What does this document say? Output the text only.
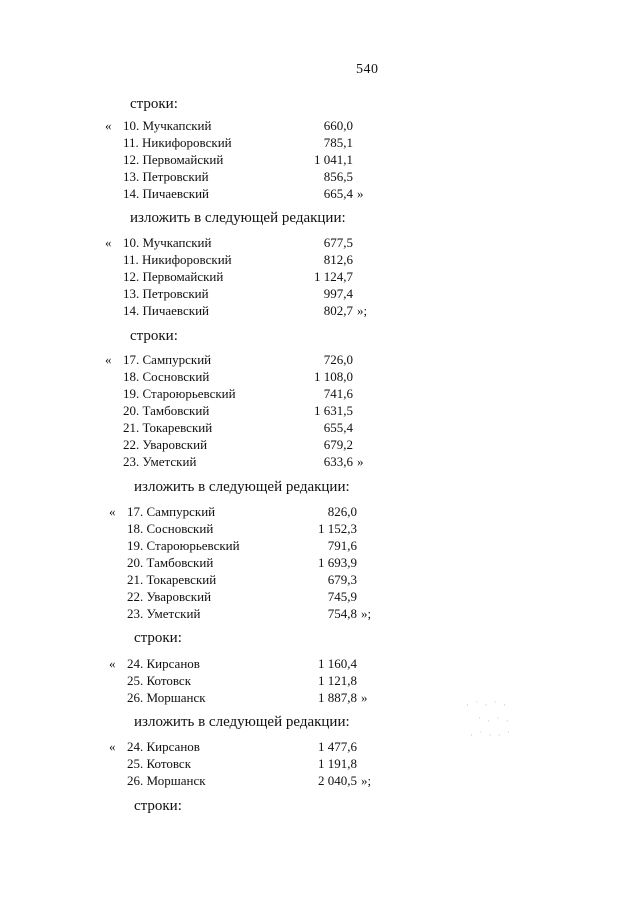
540
строки:
« 10. Мучкапский	660,0
11. Никифоровский	785,1
12. Первомайский	1 041,1
13. Петровский	856,5
14. Пичаевский	665,4 »
изложить в следующей редакции:
« 10. Мучкапский	677,5
11. Никифоровский	812,6
12. Первомайский	1 124,7
13. Петровский	997,4
14. Пичаевский	802,7 »;
строки:
« 17. Сампурский	726,0
18. Сосновский	1 108,0
19. Староюрьевский	741,6
20. Тамбовский	1 631,5
21. Токаревский	655,4
22. Уваровский	679,2
23. Уметский	633,6 »
изложить в следующей редакции:
« 17. Сампурский	826,0
18. Сосновский	1 152,3
19. Староюрьевский	791,6
20. Тамбовский	1 693,9
21. Токаревский	679,3
22. Уваровский	745,9
23. Уметский	754,8 »;
строки:
« 24. Кирсанов	1 160,4
25. Котовск	1 121,8
26. Моршанск	1 887,8 »
изложить в следующей редакции:
« 24. Кирсанов	1 477,6
25. Котовск	1 191,8
26. Моршанск	2 040,5 »;
строки:
· ˙ · ˙ ·
˙ · ˙ ·
· ˙ · · ˙
